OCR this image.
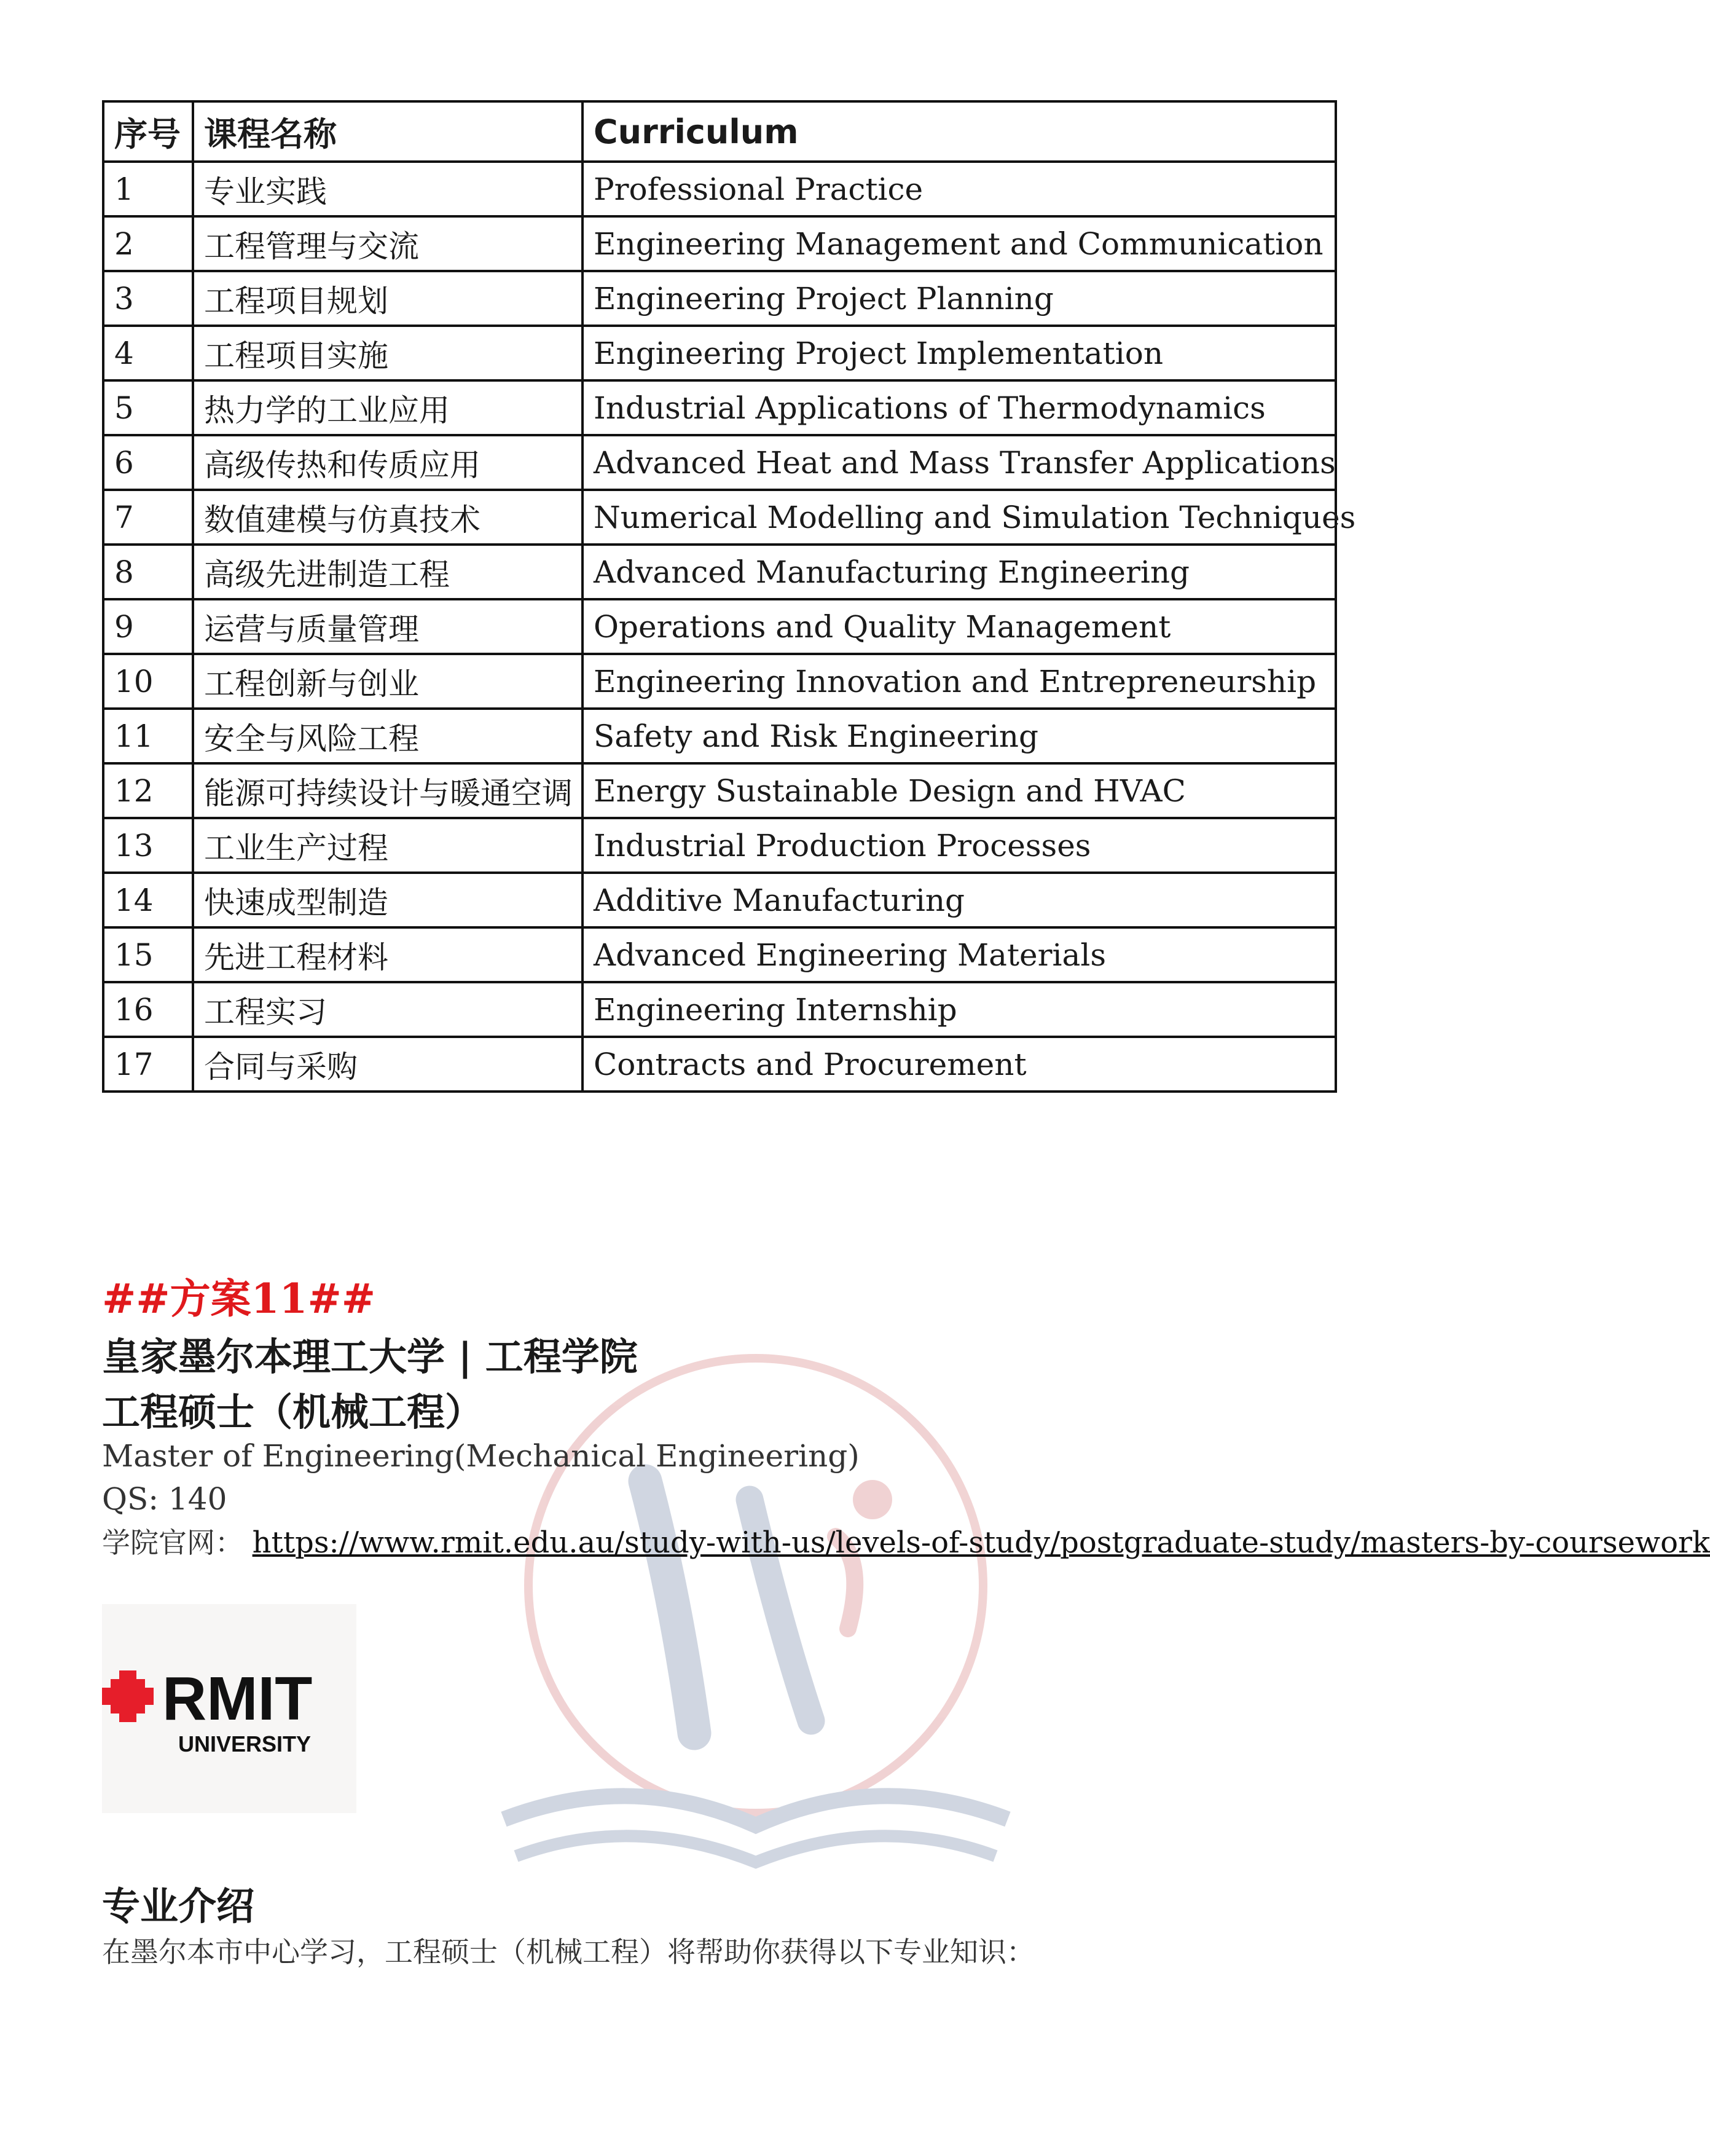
序号	课程名称	Curriculum
1	专业实践	Professional Practice
2	工程管理与交流	Engineering Management and Communication
3	工程项目规划	Engineering Project Planning
4	工程项目实施	Engineering Project Implementation
5	热力学的工业应用	Industrial Applications of Thermodynamics
6	高级传热和传质应用	Advanced Heat and Mass Transfer Applications
7	数值建模与仿真技术	Numerical Modelling and Simulation Techniques
8	高级先进制造工程	Advanced Manufacturing Engineering
9	运营与质量管理	Operations and Quality Management
10	工程创新与创业	Engineering Innovation and Entrepreneurship
11	安全与风险工程	Safety and Risk Engineering
12	能源可持续设计与暖通空调	Energy Sustainable Design and HVAC
13	工业生产过程	Industrial Production Processes
14	快速成型制造	Additive Manufacturing
15	先进工程材料	Advanced Engineering Materials
16	工程实习	Engineering Internship
17	合同与采购	Contracts and Procurement
##方案11##

皇家墨尔本理工大学 | 工程学院

工程硕士（机械工程）

Master of Engineering(Mechanical Engineering)

QS: 140

学院官网： https://www.rmit.edu.au/study-with-us/levels-of-study/postgraduate-study/masters-by-coursework

RMIT
UNIVERSITY

专业介绍

在墨尔本市中心学习，工程硕士（机械工程）将帮助你获得以下专业知识：
